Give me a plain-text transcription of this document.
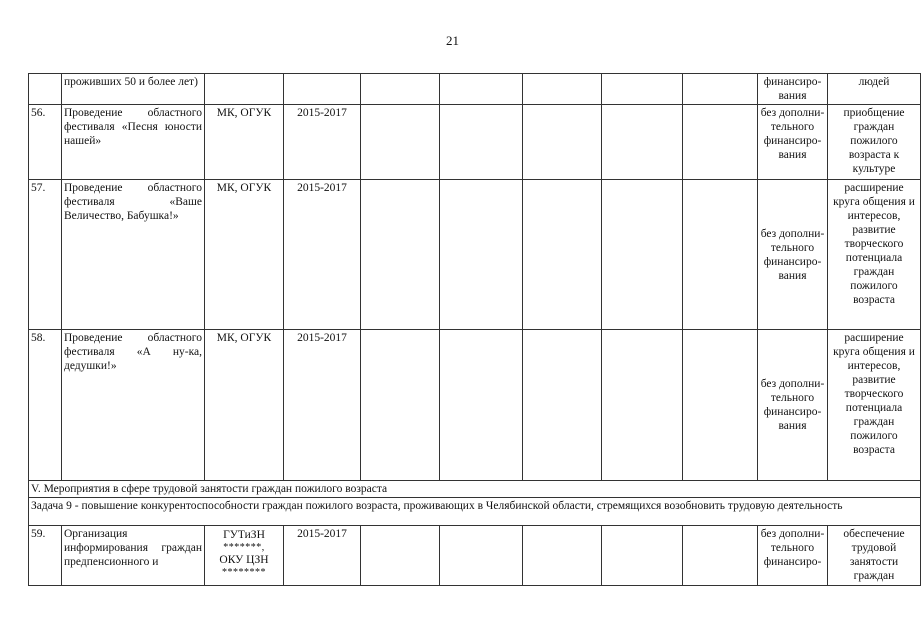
21
	проживших 50 и более лет)								финансиро-вания	людей
56.	Проведение областного фестиваля «Песня юности нашей»	МК, ОГУК	2015-2017						без дополни-тельного финансиро-вания	приобщение граждан пожилого возраста к культуре
57.	Проведение областного фестиваля «Ваше Величество, Бабушка!»	МК, ОГУК	2015-2017						без дополни-тельного финансиро-вания	расширение круга общения и интересов, развитие творческого потенциала граждан пожилого возраста
58.	Проведение областного фестиваля «А ну-ка, дедушки!»	МК, ОГУК	2015-2017						без дополни-тельного финансиро-вания	расширение круга общения и интересов, развитие творческого потенциала граждан пожилого возраста
V. Мероприятия в сфере трудовой занятости граждан пожилого возраста										
Задача 9 - повышение конкурентоспособности граждан пожилого возраста, проживающих в Челябинской области, стремящихся возобновить трудовую деятельность										
59.	Организация информирования граждан предпенсионного и	ГУТиЗН
*******,
ОКУ ЦЗН
********	2015-2017						без дополни-тельного финансиро-	обеспечение трудовой занятости граждан
